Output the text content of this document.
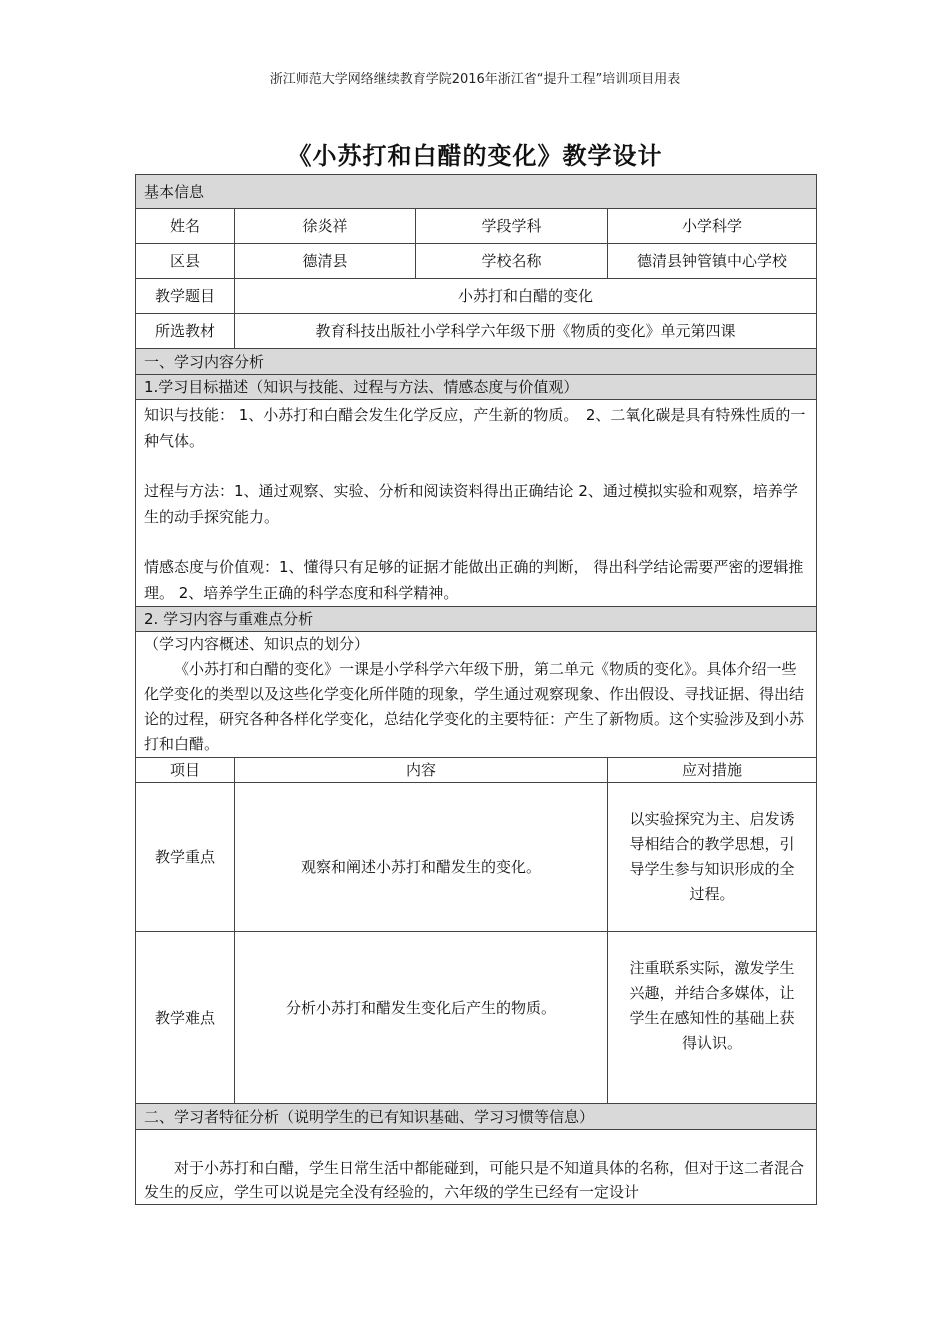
浙江师范大学网络继续教育学院2016年浙江省“提升工程”培训项目用表
《小苏打和白醋的变化》教学设计
基本信息			
姓名	徐炎祥	学段学科	小学科学
区县	德清县	学校名称	德清县钟管镇中心学校
教学题目	小苏打和白醋的变化		
所选教材	教育科技出版社小学科学六年级下册《物质的变化》单元第四课		
一、学习内容分析			
1.学习目标描述（知识与技能、过程与方法、情感态度与价值观）			

知识与技能： 1、小苏打和白醋会发生化学反应，产生新的物质。　2、二氧化碳是具有特殊性质的一种气体。
过程与方法：1、通过观察、实验、分析和阅读资料得出正确结论 2、通过模拟实验和观察，培养学生的动手探究能力。
情感态度与价值观：1、懂得只有足够的证据才能做出正确的判断， 得出科学结论需要严密的逻辑推理。 2、培养学生正确的科学态度和科学精神。			

2. 学习内容与重难点分析			

（学习内容概述、知识点的划分）
《小苏打和白醋的变化》一课是小学科学六年级下册，第二单元《物质的变化》。具体介绍一些化学变化的类型以及这些化学变化所伴随的现象，学生通过观察现象、作出假设、寻找证据、得出结论的过程，研究各种各样化学变化，总结化学变化的主要特征：产生了新物质。这个实验涉及到小苏打和白醋。			

项目	内容		应对措施
教学重点	观察和阐述小苏打和醋发生的变化。		以实验探究为主、启发诱导相结合的教学思想，引导学生参与知识形成的全过程。
教学难点	分析小苏打和醋发生变化后产生的物质。		注重联系实际，激发学生兴趣，并结合多媒体，让学生在感知性的基础上获得认识。
二、学习者特征分析（说明学生的已有知识基础、学习习惯等信息）			

对于小苏打和白醋，学生日常生活中都能碰到，可能只是不知道具体的名称，但对于这二者混合发生的反应，学生可以说是完全没有经验的，六年级的学生已经有一定设计			
